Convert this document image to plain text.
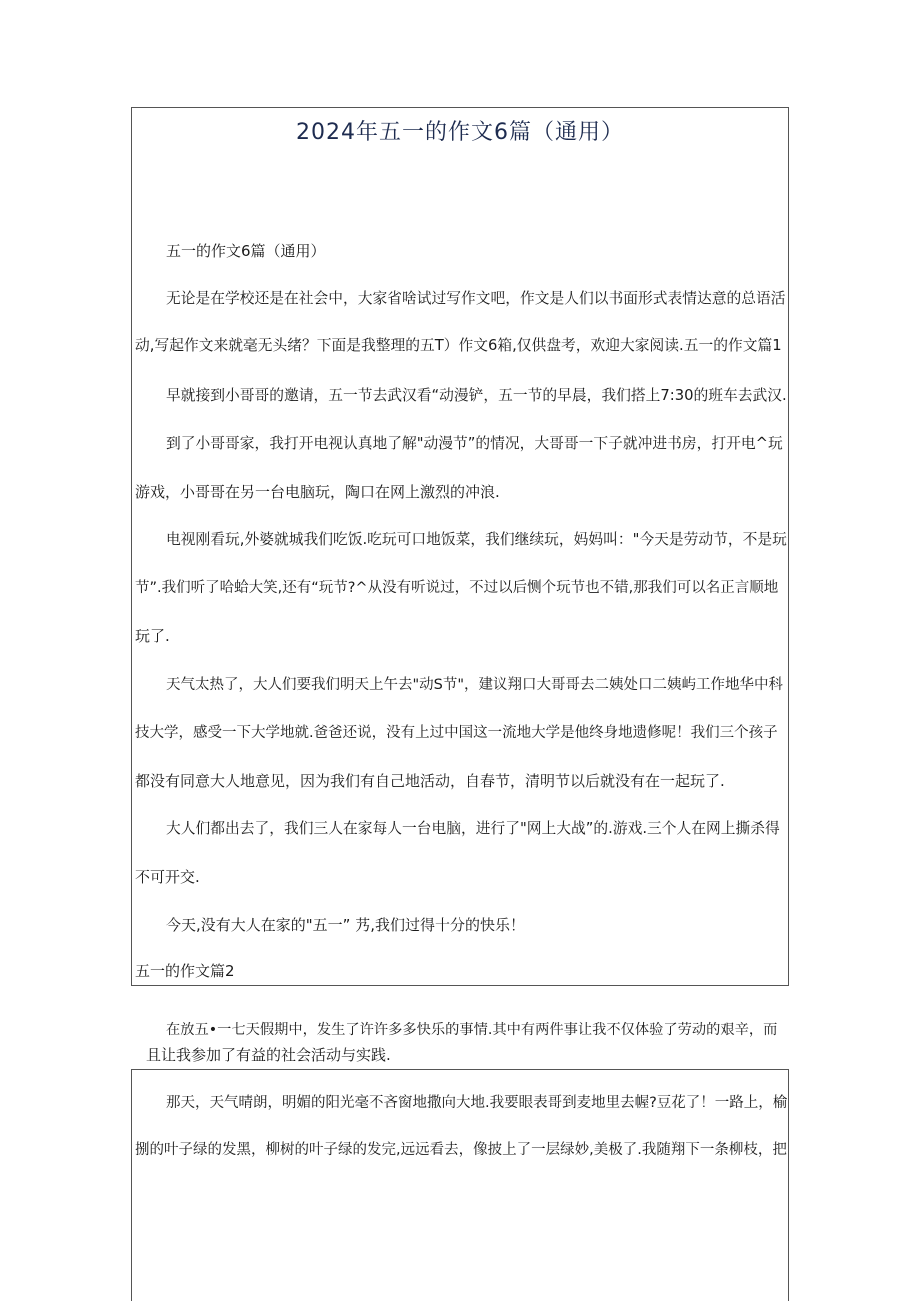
2024年五一的作文6篇（通用）
五一的作文6篇（通用）
无论是在学校还是在社会中，大家省啥试过写作文吧，作文是人们以书面形式表情达意的总语活
动,写起作文来就毫无头绪？下面是我整理的五T）作文6箱,仅供盘考，欢迎大家阅读.五一的作文篇1
早就接到小哥哥的邀请，五一节去武汉看“动漫铲，五一节的早晨，我们搭上7:30的班车去武汉.
到了小哥哥家，我打开电视认真地了解"动漫节”的情况，大哥哥一下子就冲进书房，打开电^玩
游戏，小哥哥在另一台电脑玩，陶口在网上激烈的冲浪.
电视刚看玩,外婆就城我们吃饭.吃玩可口地饭菜，我们继续玩，妈妈叫："今天是劳动节，不是玩
节”.我们听了哈蛤大笑,还有“玩节?^从没有听说过，不过以后恻个玩节也不错,那我们可以名正言顺地
玩了.
天气太热了，大人们要我们明天上午去"动S节"，建议翔口大哥哥去二姨处口二姨屿工作地华中科
技大学，感受一下大学地就.爸爸还说，没有上过中国这一流地大学是他终身地遗修呢！我们三个孩子
都没有同意大人地意见，因为我们有自己地活动，自春节，清明节以后就没有在一起玩了.
大人们都出去了，我们三人在家每人一台电脑，进行了"网上大战”的.游戏.三个人在网上撕杀得
不可开交.
今天,没有大人在家的"五一” 艿,我们过得十分的快乐！
五一的作文篇2
在放五•一七天假期中，发生了许许多多快乐的事情.其中有两件事让我不仅体验了劳动的艰辛，而
且让我参加了有益的社会活动与实践.
那天，天气晴朗，明媚的阳光毫不吝窗地撒向大地.我要眼表哥到麦地里去幄?豆花了！一路上，榆
捌的叶子绿的发黑，柳树的叶子绿的发完,远远看去，像披上了一层绿妙,美极了.我随翔下一条柳枝，把
